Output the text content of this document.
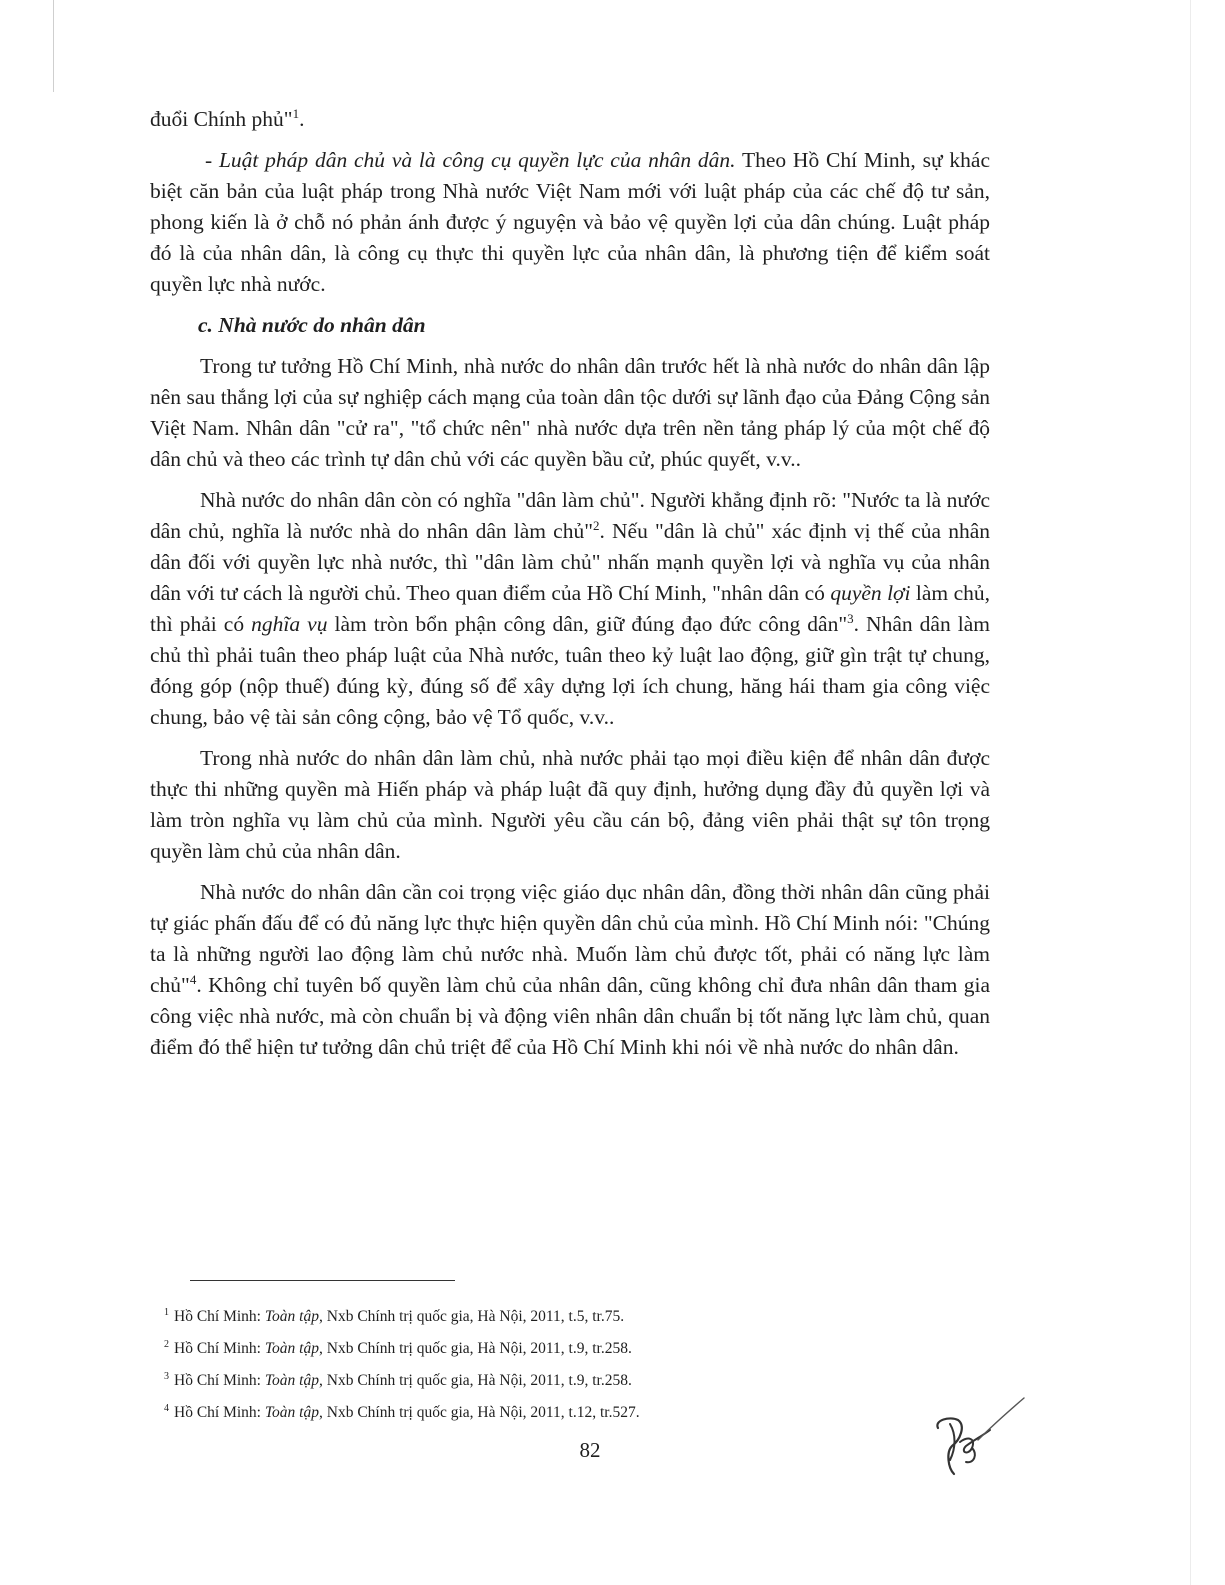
đuổi Chính phủ"$^1$.

- Luật pháp dân chủ và là công cụ quyền lực của nhân dân. Theo Hồ Chí Minh, sự khác biệt căn bản của luật pháp trong Nhà nước Việt Nam mới với luật pháp của các chế độ tư sản, phong kiến là ở chỗ nó phản ánh được ý nguyện và bảo vệ quyền lợi của dân chúng. Luật pháp đó là của nhân dân, là công cụ thực thi quyền lực của nhân dân, là phương tiện để kiểm soát quyền lực nhà nước.

c. Nhà nước do nhân dân

Trong tư tưởng Hồ Chí Minh, nhà nước do nhân dân trước hết là nhà nước do nhân dân lập nên sau thắng lợi của sự nghiệp cách mạng của toàn dân tộc dưới sự lãnh đạo của Đảng Cộng sản Việt Nam. Nhân dân "cử ra", "tổ chức nên" nhà nước dựa trên nền tảng pháp lý của một chế độ dân chủ và theo các trình tự dân chủ với các quyền bầu cử, phúc quyết, v.v..

Nhà nước do nhân dân còn có nghĩa "dân làm chủ". Người khẳng định rõ: "Nước ta là nước dân chủ, nghĩa là nước nhà do nhân dân làm chủ"$^2$. Nếu "dân là chủ" xác định vị thế của nhân dân đối với quyền lực nhà nước, thì "dân làm chủ" nhấn mạnh quyền lợi và nghĩa vụ của nhân dân với tư cách là người chủ. Theo quan điểm của Hồ Chí Minh, "nhân dân có quyền lợi làm chủ, thì phải có nghĩa vụ làm tròn bổn phận công dân, giữ đúng đạo đức công dân"$^3$. Nhân dân làm chủ thì phải tuân theo pháp luật của Nhà nước, tuân theo kỷ luật lao động, giữ gìn trật tự chung, đóng góp (nộp thuế) đúng kỳ, đúng số để xây dựng lợi ích chung, hăng hái tham gia công việc chung, bảo vệ tài sản công cộng, bảo vệ Tổ quốc, v.v..

Trong nhà nước do nhân dân làm chủ, nhà nước phải tạo mọi điều kiện để nhân dân được thực thi những quyền mà Hiến pháp và pháp luật đã quy định, hưởng dụng đầy đủ quyền lợi và làm tròn nghĩa vụ làm chủ của mình. Người yêu cầu cán bộ, đảng viên phải thật sự tôn trọng quyền làm chủ của nhân dân.

Nhà nước do nhân dân cần coi trọng việc giáo dục nhân dân, đồng thời nhân dân cũng phải tự giác phấn đấu để có đủ năng lực thực hiện quyền dân chủ của mình. Hồ Chí Minh nói: "Chúng ta là những người lao động làm chủ nước nhà. Muốn làm chủ được tốt, phải có năng lực làm chủ"$^4$. Không chỉ tuyên bố quyền làm chủ của nhân dân, cũng không chỉ đưa nhân dân tham gia công việc nhà nước, mà còn chuẩn bị và động viên nhân dân chuẩn bị tốt năng lực làm chủ, quan điểm đó thể hiện tư tưởng dân chủ triệt để của Hồ Chí Minh khi nói về nhà nước do nhân dân.

$^1$ Hồ Chí Minh: Toàn tập, Nxb Chính trị quốc gia, Hà Nội, 2011, t.5, tr.75.

$^2$ Hồ Chí Minh: Toàn tập, Nxb Chính trị quốc gia, Hà Nội, 2011, t.9, tr.258.

$^3$ Hồ Chí Minh: Toàn tập, Nxb Chính trị quốc gia, Hà Nội, 2011, t.9, tr.258.

$^4$ Hồ Chí Minh: Toàn tập, Nxb Chính trị quốc gia, Hà Nội, 2011, t.12, tr.527.

82
